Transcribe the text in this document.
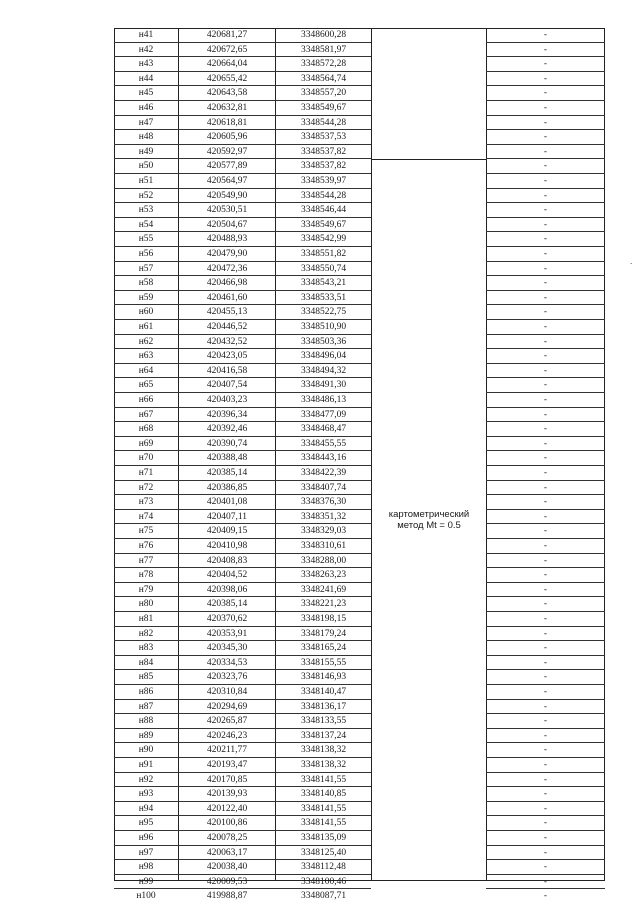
н41	420681,27	3348600,28	-
н42	420672,65	3348581,97	-
н43	420664,04	3348572,28	-
н44	420655,42	3348564,74	-
н45	420643,58	3348557,20	-
н46	420632,81	3348549,67	-
н47	420618,81	3348544,28	-
н48	420605,96	3348537,53	-
н49	420592,97	3348537,82	-
н50	420577,89	3348537,82	-
н51	420564,97	3348539,97	-
н52	420549,90	3348544,28	-
н53	420530,51	3348546,44	-
н54	420504,67	3348549,67	-
н55	420488,93	3348542,99	-
н56	420479,90	3348551,82	-
н57	420472,36	3348550,74	-
н58	420466,98	3348543,21	-
н59	420461,60	3348533,51	-
н60	420455,13	3348522,75	-
н61	420446,52	3348510,90	-
н62	420432,52	3348503,36	-
н63	420423,05	3348496,04	-
н64	420416,58	3348494,32	-
н65	420407,54	3348491,30	-
н66	420403,23	3348486,13	-
н67	420396,34	3348477,09	-
н68	420392,46	3348468,47	-
н69	420390,74	3348455,55	-
н70	420388,48	3348443,16	-
н71	420385,14	3348422,39	-
н72	420386,85	3348407,74	-
н73	420401,08	3348376,30	-
н74	420407,11	3348351,32	-
н75	420409,15	3348329,03	-
н76	420410,98	3348310,61	-
н77	420408,83	3348288,00	-
н78	420404,52	3348263,23	-
н79	420398,06	3348241,69	-
н80	420385,14	3348221,23	-
н81	420370,62	3348198,15	-
н82	420353,91	3348179,24	-
н83	420345,30	3348165,24	-
н84	420334,53	3348155,55	-
н85	420323,76	3348146,93	-
н86	420310,84	3348140,47	-
н87	420294,69	3348136,17	-
н88	420265,87	3348133,55	-
н89	420246,23	3348137,24	-
н90	420211,77	3348138,32	-
н91	420193,47	3348138,32	-
н92	420170,85	3348141,55	-
н93	420139,93	3348140,85	-
н94	420122,40	3348141,55	-
н95	420100,86	3348141,55	-
н96	420078,25	3348135,09	-
н97	420063,17	3348125,40	-
н98	420038,40	3348112,48	-
н99	420009,53	3348100,46	-
н100	419988,87	3348087,71	-
картометрический
метод Mt = 0.5
.
